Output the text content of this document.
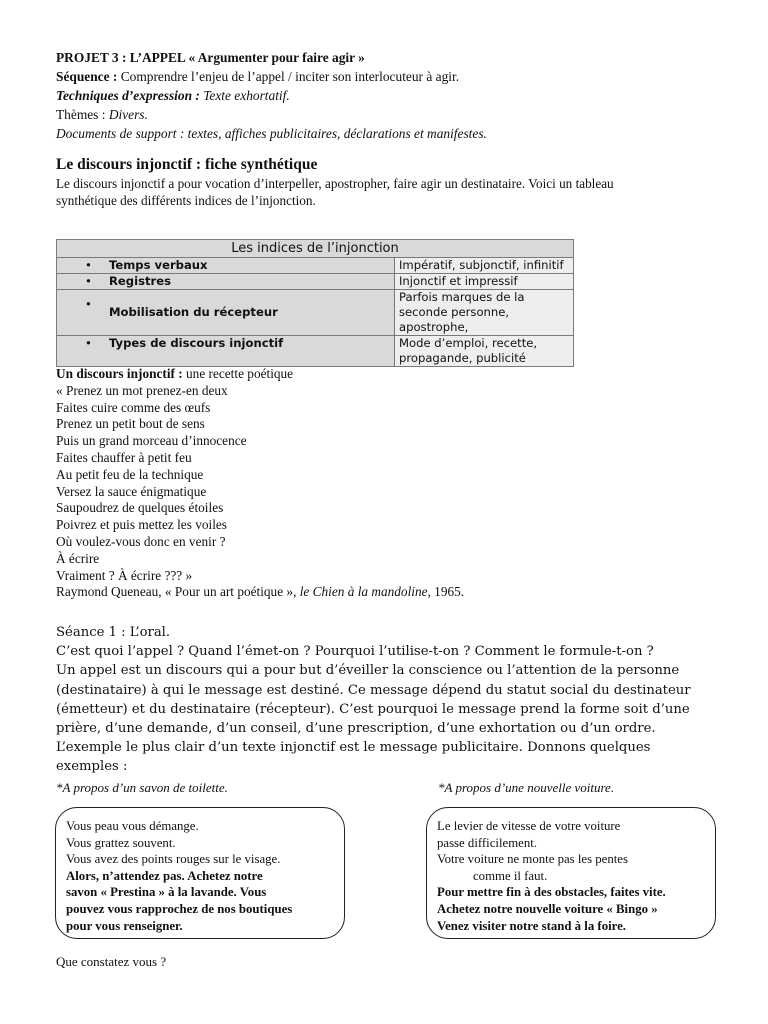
PROJET 3 : L’APPEL « Argumenter pour faire agir »
Séquence : Comprendre l’enjeu de l’appel / inciter son interlocuteur à agir.
Techniques d’expression : Texte exhortatif.
Thèmes : Divers.
Documents de support : textes, affiches publicitaires, déclarations et manifestes.
Le discours injonctif : fiche synthétique
Le discours injonctif a pour vocation d’interpeller, apostropher, faire agir un destinataire. Voici un tableau
synthétique des différents indices de l’injonction.
Les indices de l’injonction	

• Temps verbaux	Impératif, subjonctif, infinitif

• Registres	Injonctif et impressif

•
Mobilisation du récepteur	Parfois marques de la seconde personne, apostrophe,

• Types de discours injonctif	Mode d’emploi, recette, propagande, publicité
Un discours injonctif : une recette poétique
« Prenez un mot prenez-en deux
Faites cuire comme des œufs
Prenez un petit bout de sens
Puis un grand morceau d’innocence
Faites chauffer à petit feu
Au petit feu de la technique
Versez la sauce énigmatique
Saupoudrez de quelques étoiles
Poivrez et puis mettez les voiles
Où voulez-vous donc en venir ?
À écrire
Vraiment ? À écrire ??? »
Raymond Queneau, « Pour un art poétique », le Chien à la mandoline, 1965.
Séance 1 : L’oral.
C’est quoi l’appel ? Quand l’émet-on ? Pourquoi l’utilise-t-on ? Comment le formule-t-on ?
Un appel est un discours qui a pour but d’éveiller la conscience ou l’attention de la personne
(destinataire) à qui le message est destiné. Ce message dépend du statut social du destinateur
(émetteur) et du destinataire (récepteur). C’est pourquoi le message prend la forme soit d’une
prière, d’une demande, d’un conseil, d’une prescription, d’une exhortation ou d’un ordre.
L’exemple le plus clair d’un texte injonctif est le message publicitaire. Donnons quelques
exemples :
*A propos d’un savon de toilette.	*A propos d’une nouvelle voiture.
Vous peau vous démange.
Vous grattez souvent.
Vous avez des points rouges sur le visage.
Alors, n’attendez pas. Achetez notre
savon « Prestina » à la lavande. Vous
pouvez vous rapprochez de nos boutiques
pour vous renseigner.
Le levier de vitesse de votre voiture
passe difficilement.
Votre voiture ne monte pas les pentes
comme il faut.
Pour mettre fin à des obstacles, faites vite.
Achetez notre nouvelle voiture « Bingo »
Venez visiter notre stand à la foire.
Que constatez vous ?
